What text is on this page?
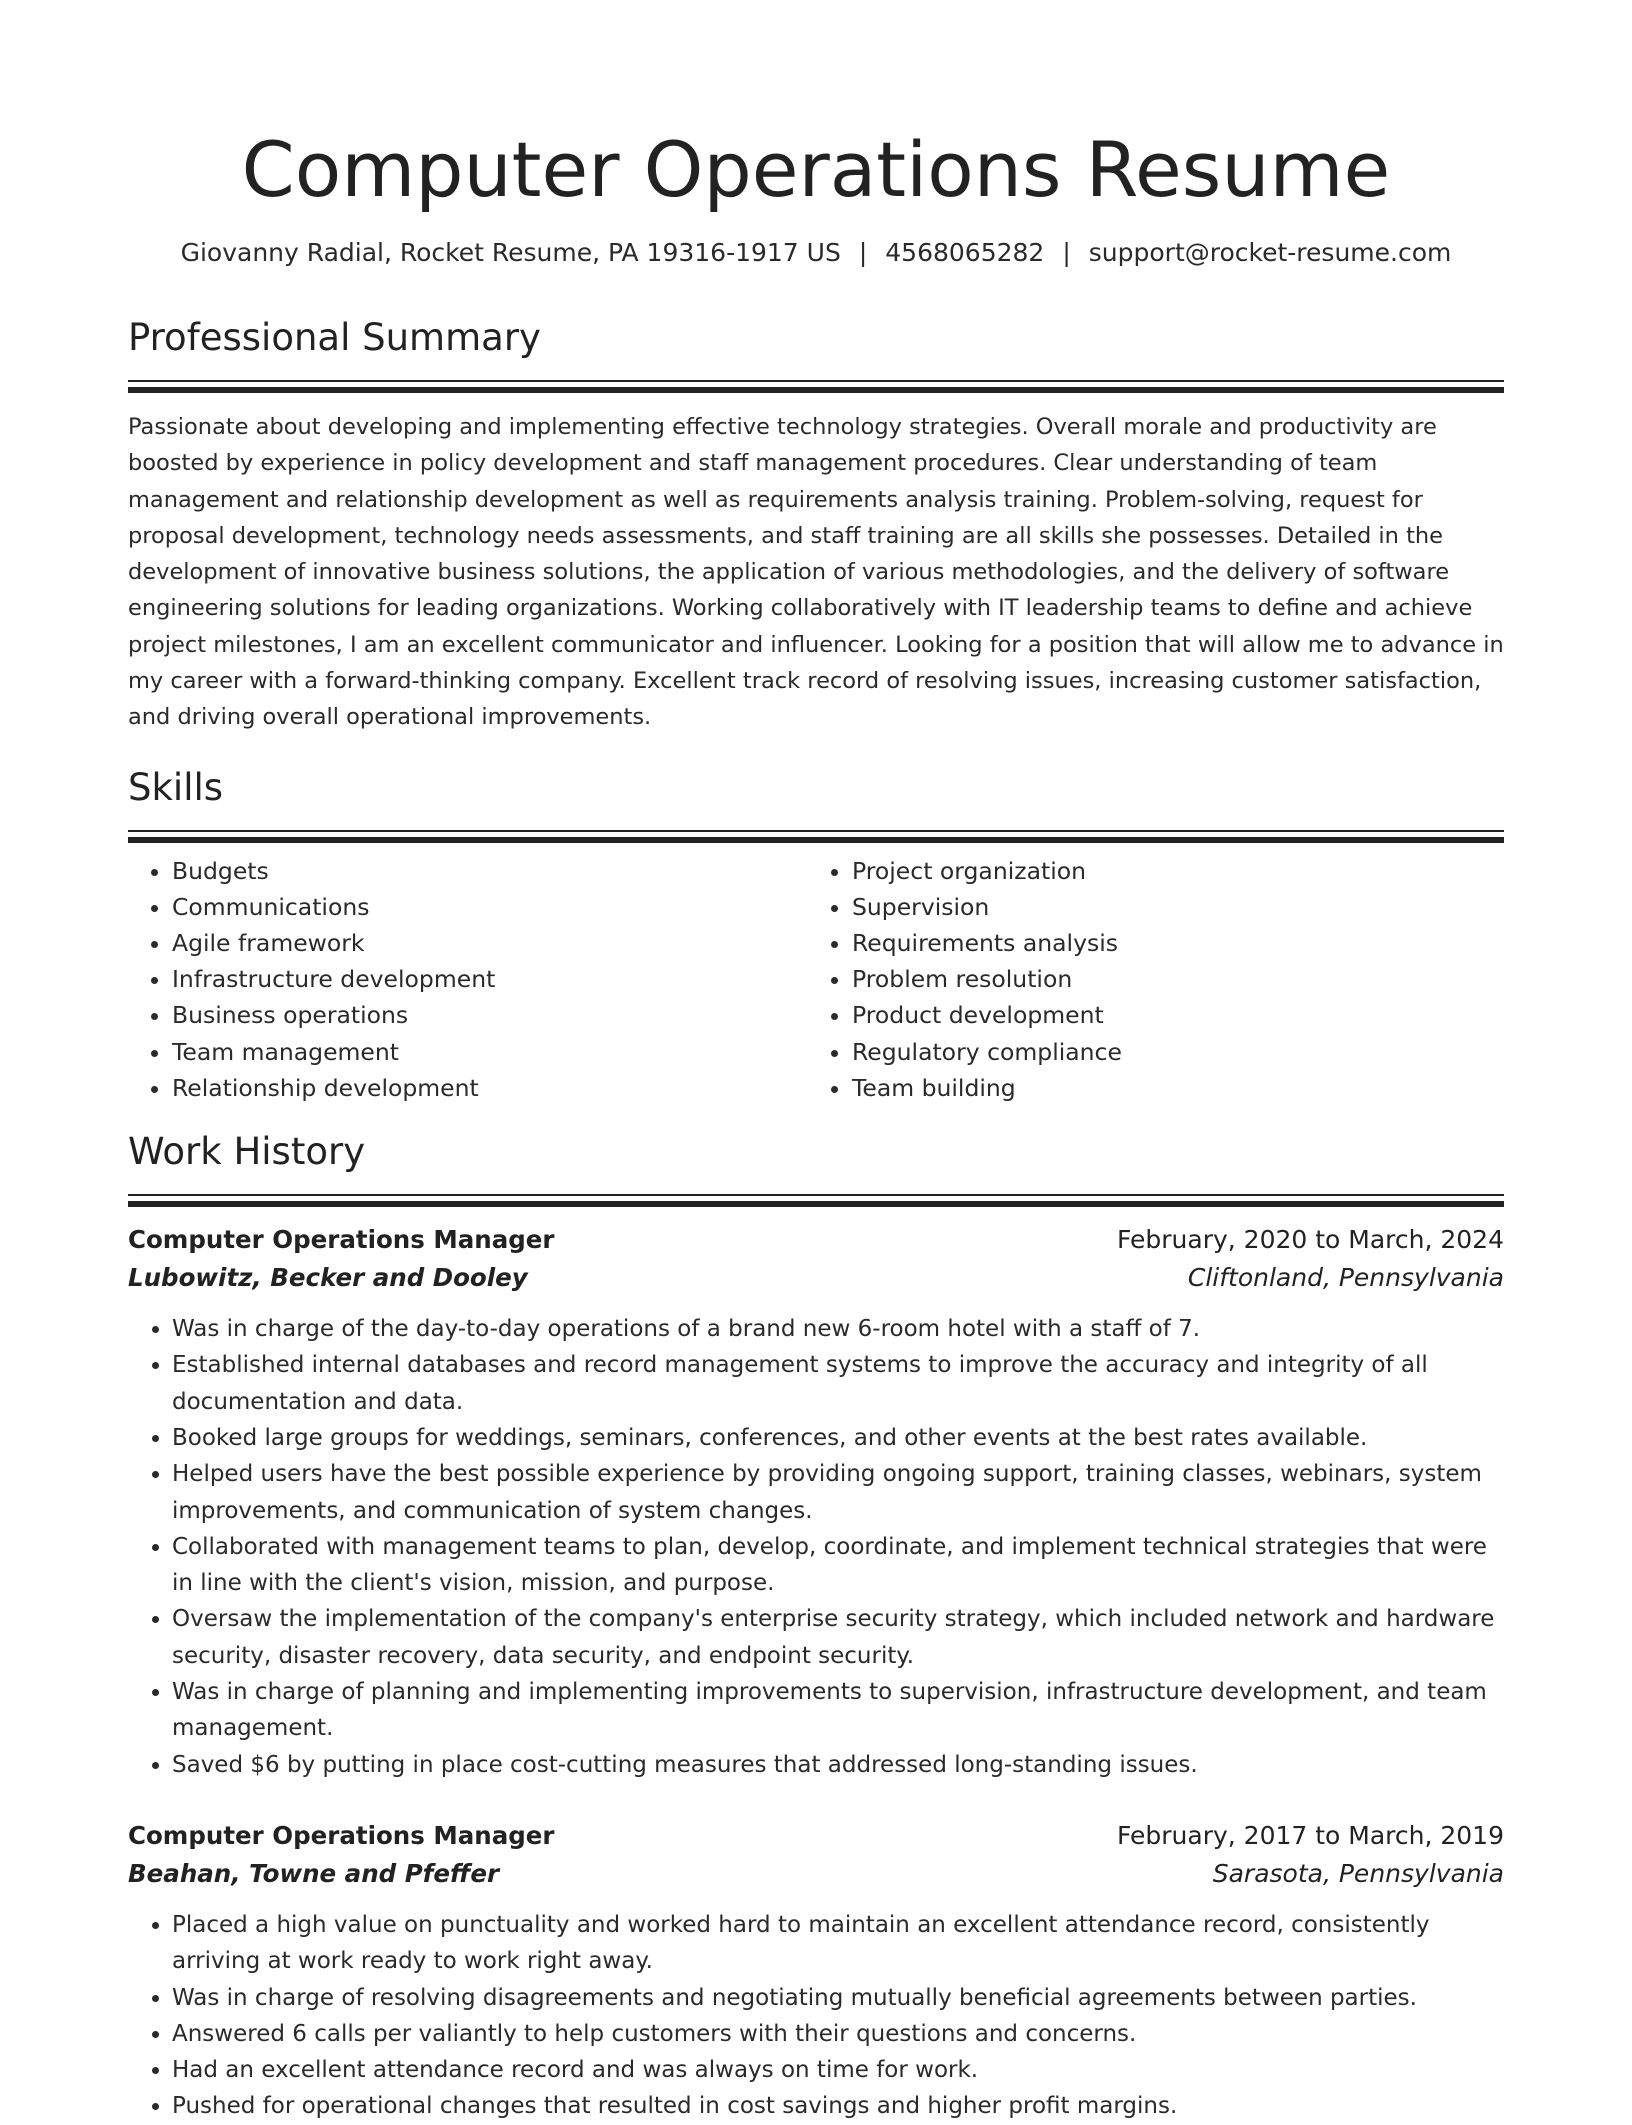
Computer Operations Resume
Giovanny Radial, Rocket Resume, PA 19316-1917 US | 4568065282 | support@rocket-resume.com
Professional Summary
Passionate about developing and implementing effective technology strategies. Overall morale and productivity are boosted by experience in policy development and staff management procedures. Clear understanding of team management and relationship development as well as requirements analysis training. Problem-solving, request for proposal development, technology needs assessments, and staff training are all skills she possesses. Detailed in the development of innovative business solutions, the application of various methodologies, and the delivery of software engineering solutions for leading organizations. Working collaboratively with IT leadership teams to define and achieve project milestones, I am an excellent communicator and influencer. Looking for a position that will allow me to advance in my career with a forward-thinking company. Excellent track record of resolving issues, increasing customer satisfaction, and driving overall operational improvements.
Skills
• Budgets
• Communications
• Agile framework
• Infrastructure development
• Business operations
• Team management
• Relationship development
• Project organization
• Supervision
• Requirements analysis
• Problem resolution
• Product development
• Regulatory compliance
• Team building
Work History
Computer Operations Manager	February, 2020 to March, 2024
Lubowitz, Becker and Dooley	Cliftonland, Pennsylvania
• Was in charge of the day-to-day operations of a brand new 6-room hotel with a staff of 7.
• Established internal databases and record management systems to improve the accuracy and integrity of all documentation and data.
• Booked large groups for weddings, seminars, conferences, and other events at the best rates available.
• Helped users have the best possible experience by providing ongoing support, training classes, webinars, system improvements, and communication of system changes.
• Collaborated with management teams to plan, develop, coordinate, and implement technical strategies that were in line with the client's vision, mission, and purpose.
• Oversaw the implementation of the company's enterprise security strategy, which included network and hardware security, disaster recovery, data security, and endpoint security.
• Was in charge of planning and implementing improvements to supervision, infrastructure development, and team management.
• Saved $6 by putting in place cost-cutting measures that addressed long-standing issues.
Computer Operations Manager	February, 2017 to March, 2019
Beahan, Towne and Pfeffer	Sarasota, Pennsylvania
• Placed a high value on punctuality and worked hard to maintain an excellent attendance record, consistently arriving at work ready to work right away.
• Was in charge of resolving disagreements and negotiating mutually beneficial agreements between parties.
• Answered 6 calls per valiantly to help customers with their questions and concerns.
• Had an excellent attendance record and was always on time for work.
• Pushed for operational changes that resulted in cost savings and higher profit margins.
